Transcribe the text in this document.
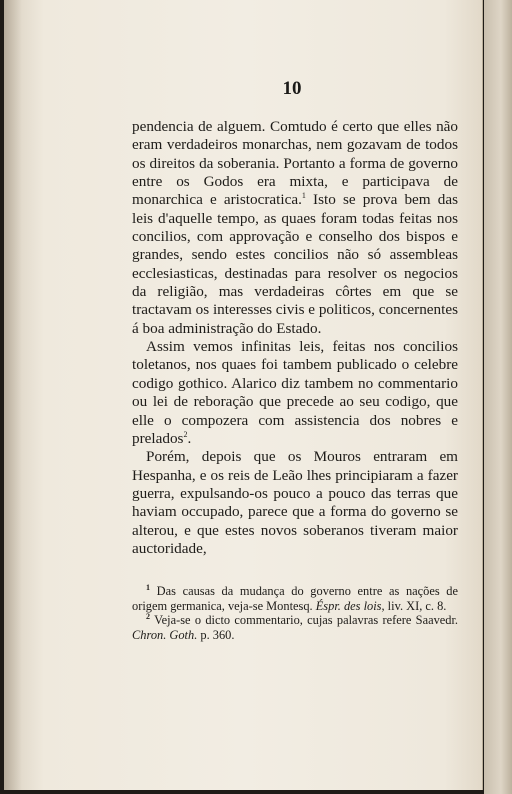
10

pendencia de alguem. Comtudo é certo que elles não eram verdadeiros monarchas, nem gozavam de todos os direitos da soberania. Portanto a forma de governo entre os Godos era mixta, e participava de monarchica e aristocratica.$^1$ Isto se prova bem das leis d'aquelle tempo, as quaes foram todas feitas nos concilios, com approvação e conselho dos bispos e grandes, sendo estes concilios não só assembleas ecclesiasticas, destinadas para resolver os negocios da religião, mas verdadeiras côrtes em que se tractavam os interesses civis e politicos, concernentes á boa administração do Estado.

Assim vemos infinitas leis, feitas nos concilios toletanos, nos quaes foi tambem publicado o celebre codigo gothico. Alarico diz tambem no commentario ou lei de reboração que precede ao seu codigo, que elle o compozera com assistencia dos nobres e prelados$^2$.

Porém, depois que os Mouros entraram em Hespanha, e os reis de Leão lhes principiaram a fazer guerra, expulsando-os pouco a pouco das terras que haviam occupado, parece que a forma do governo se alterou, e que estes novos soberanos tiveram maior auctoridade,

$^1$ Das causas da mudança do governo entre as nações de origem germanica, veja-se Montesq. Éspr. des lois, liv. XI, c. 8.

$^2$ Veja-se o dicto commentario, cujas palavras refere Saavedr. Chron. Goth. p. 360.
